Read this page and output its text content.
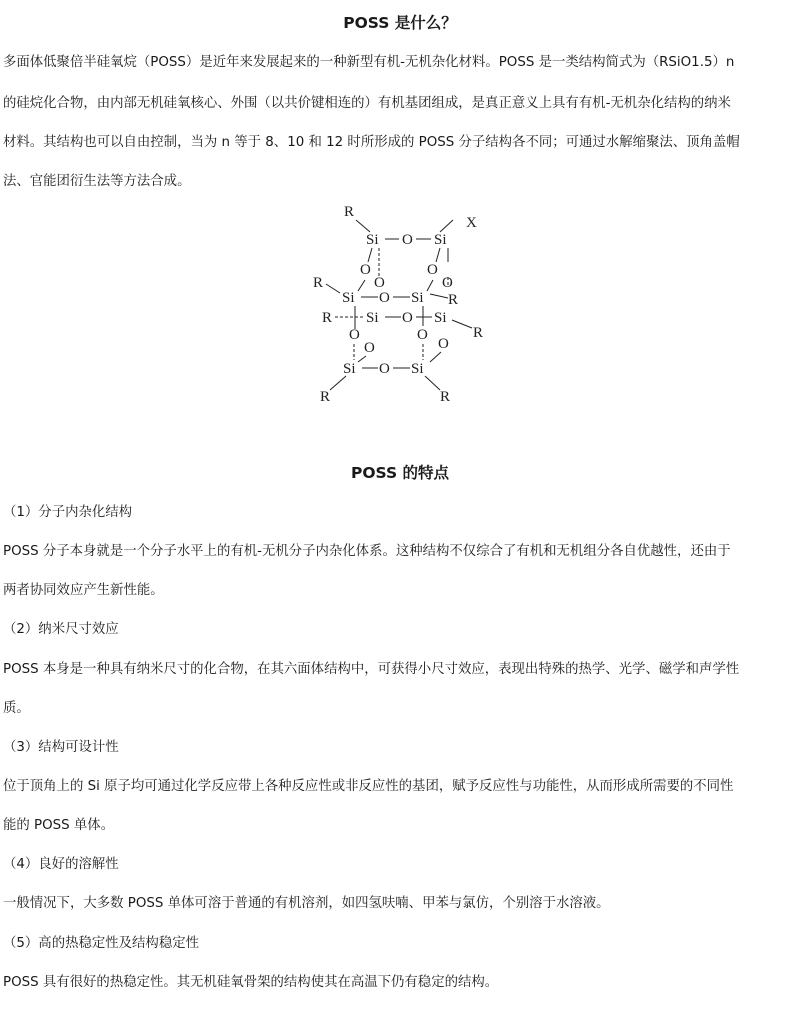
POSS 是什么？

多面体低聚倍半硅氧烷（POSS）是近年来发展起来的一种新型有机-无机杂化材料。POSS 是一类结构简式为（RSiO1.5）n

的硅烷化合物，由内部无机硅氧核心、外围（以共价键相连的）有机基团组成，是真正意义上具有有机-无机杂化结构的纳米

材料。其结构也可以自由控制，当为 n 等于 8、10 和 12 时所形成的 POSS 分子结构各不同；可通过水解缩聚法、顶角盖帽

法、官能团衍生法等方法合成。

R
X
Si O Si
O
O
O
O
R
Si O Si R
R Si O Si
R
O
O
O
O
Si O Si
R	R
POSS 的特点

（1）分子内杂化结构

POSS 分子本身就是一个分子水平上的有机-无机分子内杂化体系。这种结构不仅综合了有机和无机组分各自优越性，还由于

两者协同效应产生新性能。

（2）纳米尺寸效应

POSS 本身是一种具有纳米尺寸的化合物，在其六面体结构中，可获得小尺寸效应，表现出特殊的热学、光学、磁学和声学性

质。

（3）结构可设计性

位于顶角上的 Si 原子均可通过化学反应带上各种反应性或非反应性的基团，赋予反应性与功能性，从而形成所需要的不同性

能的 POSS 单体。

（4）良好的溶解性

一般情况下，大多数 POSS 单体可溶于普通的有机溶剂，如四氢呋喃、甲苯与氯仿，个别溶于水溶液。

（5）高的热稳定性及结构稳定性

POSS 具有很好的热稳定性。其无机硅氧骨架的结构使其在高温下仍有稳定的结构。
